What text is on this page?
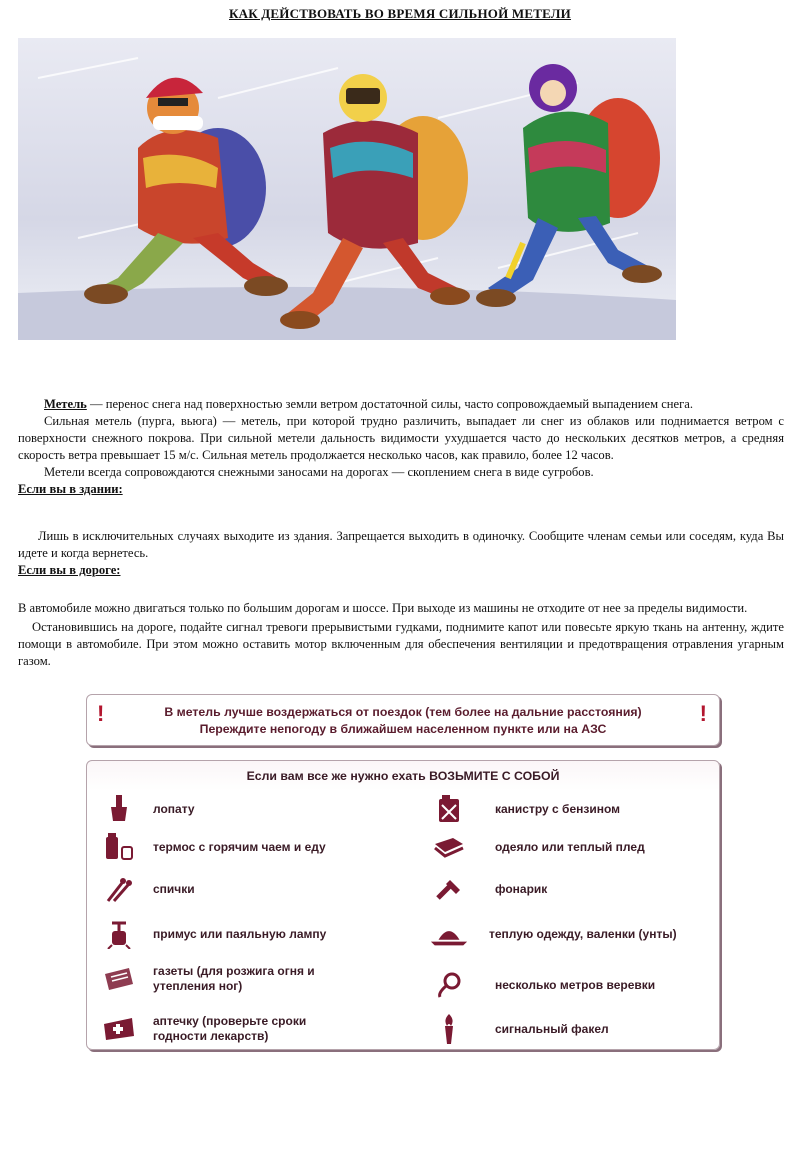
КАК ДЕЙСТВОВАТЬ ВО ВРЕМЯ СИЛЬНОЙ МЕТЕЛИ

Метель — перенос снега над поверхностью земли ветром достаточной силы, часто сопровождаемый выпадением снега.

Сильная метель (пурга, вьюга) — метель, при которой трудно различить, выпадает ли снег из облаков или поднимается ветром с поверхности снежного покрова. При сильной метели дальность видимости ухудшается часто до нескольких десятков метров, а средняя скорость ветра превышает 15 м/с. Сильная метель продолжается несколько часов, как правило, более 12 часов.

Метели всегда сопровождаются снежными заносами на дорогах — скоплением снега в виде сугробов.

Если вы в здании:

Лишь в исключительных случаях выходите из здания. Запрещается выходить в одиночку. Сообщите членам семьи или соседям, куда Вы идете и когда вернетесь.

Если вы в дороге:

В автомобиле можно двигаться только по большим дорогам и шоссе. При выходе из машины не отходите от нее за пределы видимости.

Остановившись на дороге, подайте сигнал тревоги прерывистыми гудками, поднимите капот или повесьте яркую ткань на антенну, ждите помощи в автомобиле. При этом можно оставить мотор включенным для обеспечения вентиляции и предотвращения отравления угарным газом.

!	!
В метель лучше воздержаться от поездок (тем более на дальние расстояния)
Переждите непогоду в ближайшем населенном пункте или на АЗС
Если вам все же нужно ехать ВОЗЬМИТЕ С СОБОЙ
лопату
термос с горячим чаем и еду
спички
примус или паяльную лампу
газеты (для розжига огня и утепления ног)
аптечку (проверьте сроки годности лекарств)
канистру с бензином
одеяло или теплый плед
фонарик
теплую одежду, валенки (унты)
несколько метров веревки
сигнальный факел
